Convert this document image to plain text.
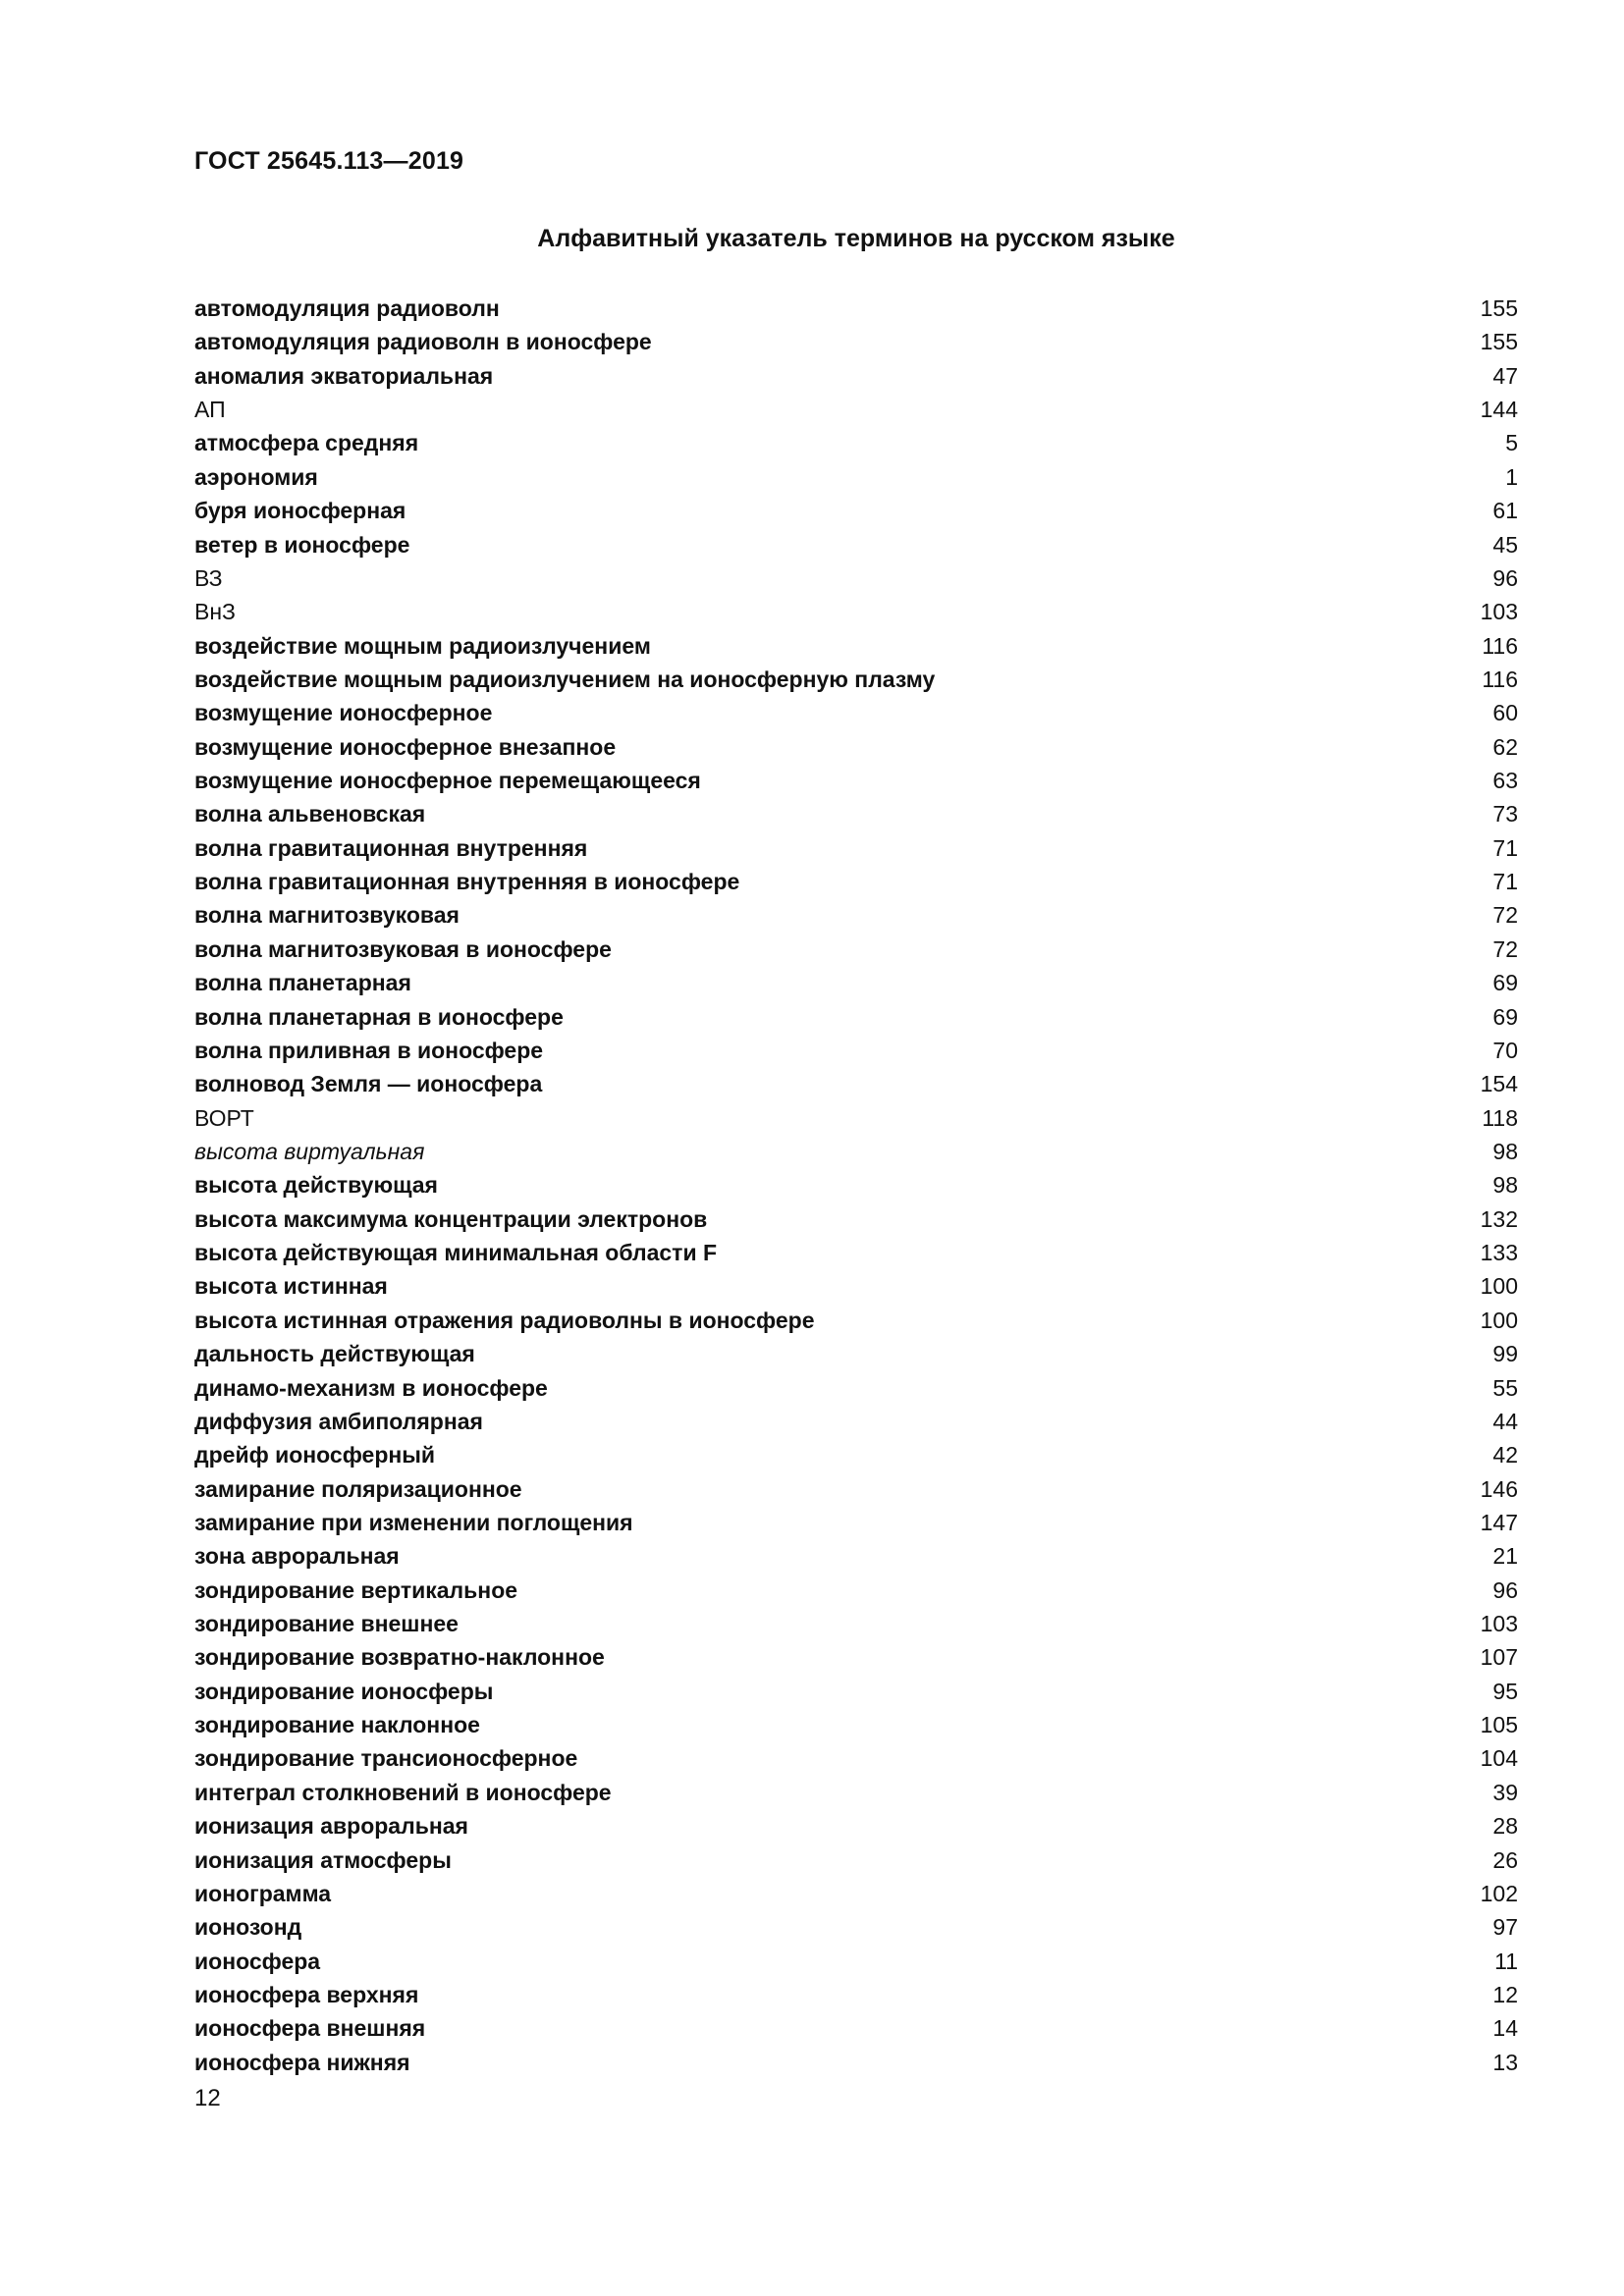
ГОСТ 25645.113—2019
Алфавитный указатель терминов на русском языке
автомодуляция радиоволн	155
автомодуляция радиоволн в ионосфере	155
аномалия экваториальная	47
АП	144
атмосфера средняя	5
аэрономия	1
буря ионосферная	61
ветер в ионосфере	45
ВЗ	96
ВнЗ	103
воздействие мощным радиоизлучением	116
воздействие мощным радиоизлучением на ионосферную плазму	116
возмущение ионосферное	60
возмущение ионосферное внезапное	62
возмущение ионосферное перемещающееся	63
волна альвеновская	73
волна гравитационная внутренняя	71
волна гравитационная внутренняя в ионосфере	71
волна магнитозвуковая	72
волна магнитозвуковая в ионосфере	72
волна планетарная	69
волна планетарная в ионосфере	69
волна приливная в ионосфере	70
волновод Земля — ионосфера	154
ВОРТ	118
высота виртуальная	98
высота действующая	98
высота максимума концентрации электронов	132
высота действующая минимальная области F	133
высота истинная	100
высота истинная отражения радиоволны в ионосфере	100
дальность действующая	99
динамо-механизм в ионосфере	55
диффузия амбиполярная	44
дрейф ионосферный	42
замирание поляризационное	146
замирание при изменении поглощения	147
зона авроральная	21
зондирование вертикальное	96
зондирование внешнее	103
зондирование возвратно-наклонное	107
зондирование ионосферы	95
зондирование наклонное	105
зондирование трансионосферное	104
интеграл столкновений в ионосфере	39
ионизация авроральная	28
ионизация атмосферы	26
ионограмма	102
ионозонд	97
ионосфера	11
ионосфера верхняя	12
ионосфера внешняя	14
ионосфера нижняя	13
12
